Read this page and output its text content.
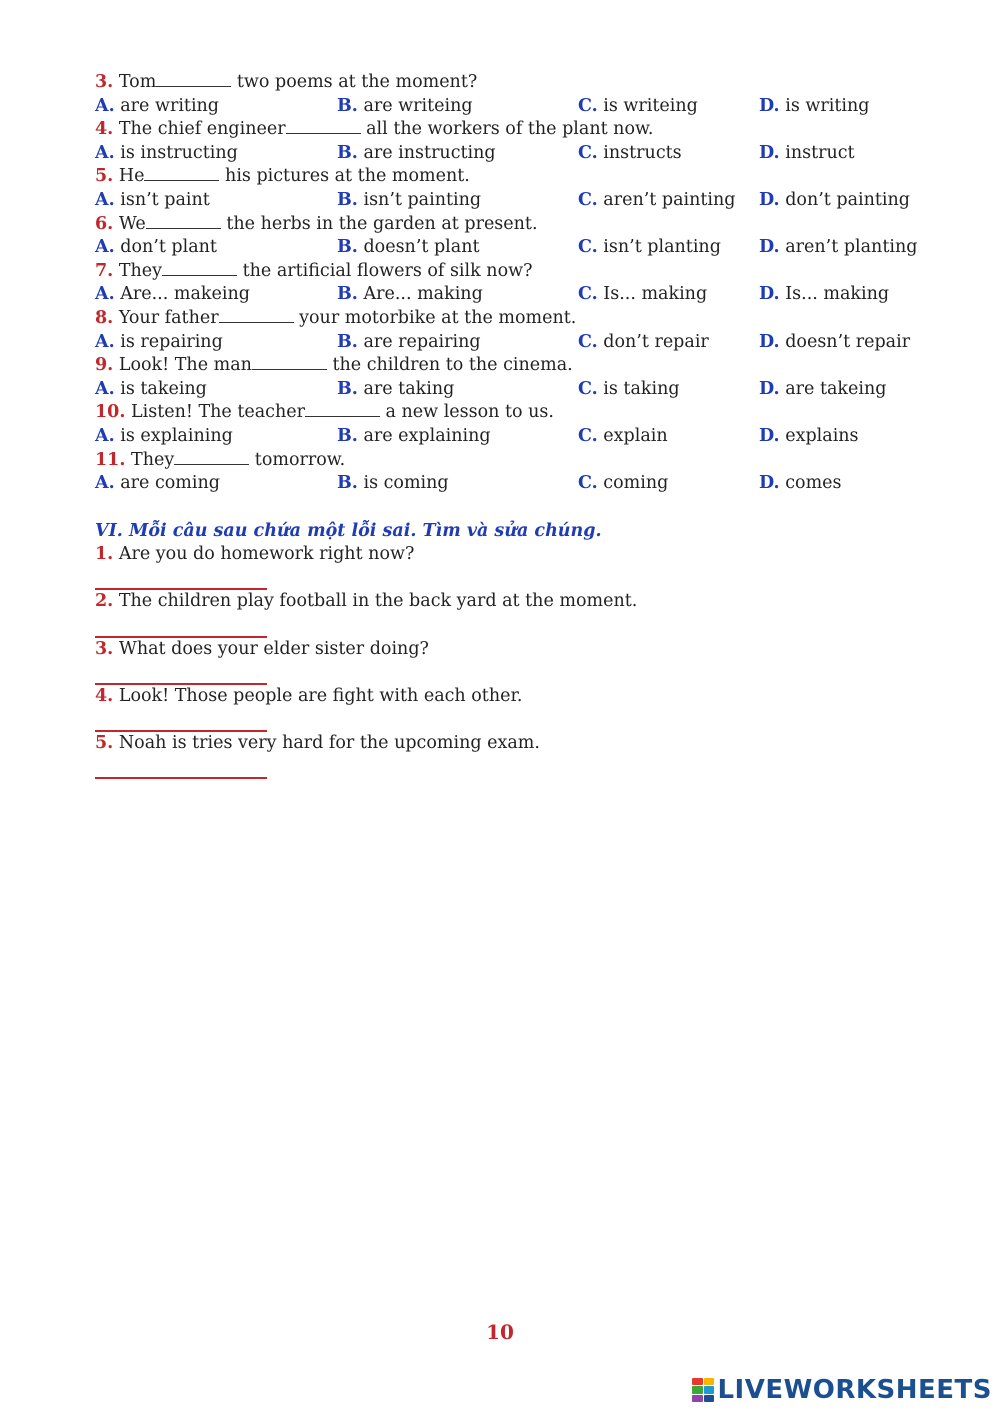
3. Tom	two poems at the moment?
A. are writing	B. are writeing	C. is writeing	D. is writing
4. The chief engineer	all the workers of the plant now.
A. is instructing	B. are instructing	C. instructs	D. instruct
5. He	his pictures at the moment.
A. isn’t paint	B. isn’t painting	C. aren’t painting D. don’t painting
6. We	the herbs in the garden at present.
A. don’t plant	B. doesn’t plant	C. isn’t planting D. aren’t planting
7. They	the artificial flowers of silk now?
A. Are... makeing	B. Are... making	C. Is... making	D. Is... making
8. Your father	your motorbike at the moment.
A. is repairing	B. are repairing	C. don’t repair	D. doesn’t repair
9. Look! The man	the children to the cinema.
A. is takeing	B. are taking	C. is taking	D. are takeing
10. Listen! The teacher	a new lesson to us.
A. is explaining	B. are explaining	C. explain	D. explains
11. They	tomorrow.
A. are coming	B. is coming	C. coming	D. comes
VI. Mỗi câu sau chứa một lỗi sai. Tìm và sửa chúng.
1. Are you do homework right now?
2. The children play football in the back yard at the moment.
3. What does your elder sister doing?
4. Look! Those people are fight with each other.
5. Noah is tries very hard for the upcoming exam.
10
LIVEWORKSHEETS
